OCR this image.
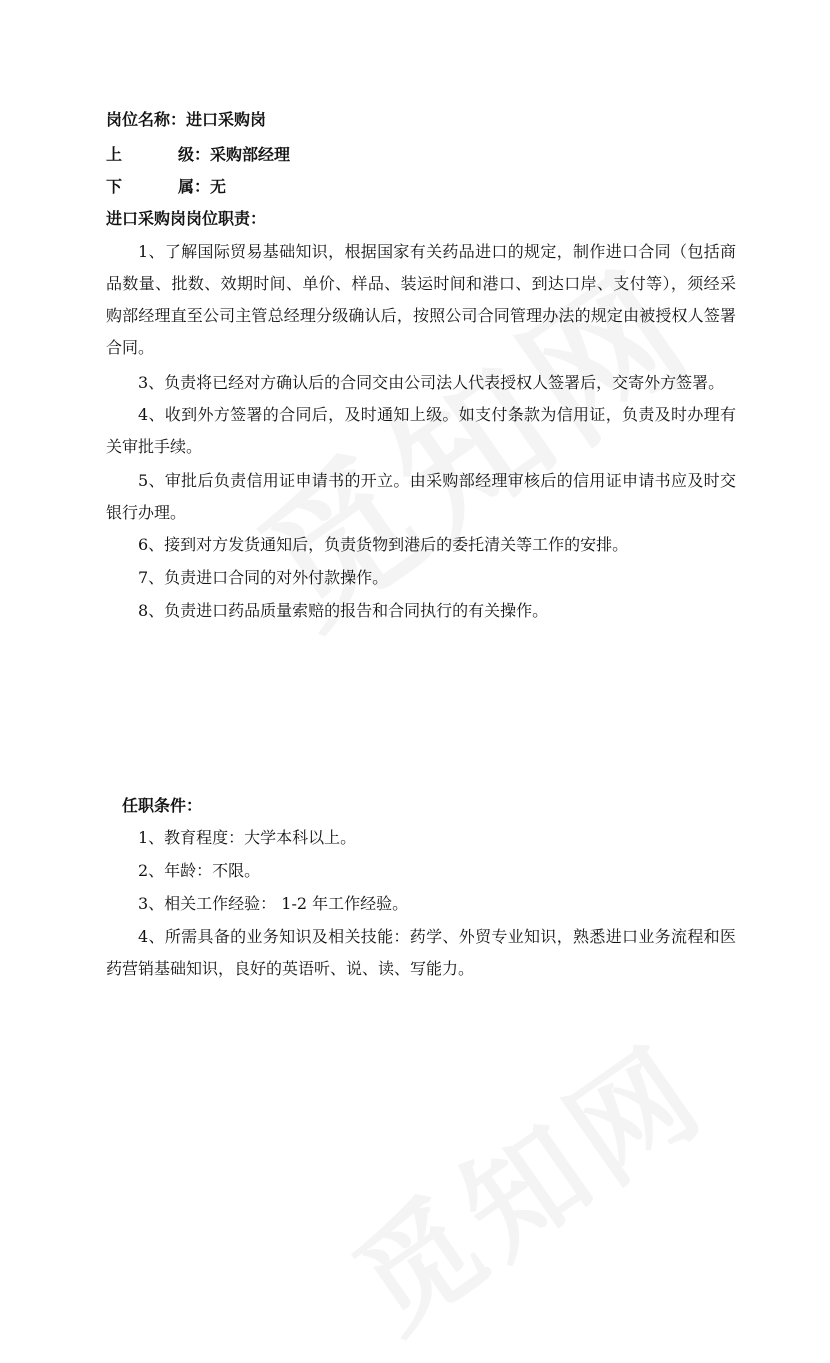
岗位名称：进口采购岗
上	级：采购部经理
下	属：无
进口采购岗岗位职责：
1、了解国际贸易基础知识，根据国家有关药品进口的规定，制作进口合同（包括商品数量、批数、效期时间、单价、样品、装运时间和港口、到达口岸、支付等），须经采购部经理直至公司主管总经理分级确认后，按照公司合同管理办法的规定由被授权人签署合同。
3、负责将已经对方确认后的合同交由公司法人代表授权人签署后，交寄外方签署。
4、收到外方签署的合同后，及时通知上级。如支付条款为信用证，负责及时办理有关审批手续。
5、审批后负责信用证申请书的开立。由采购部经理审核后的信用证申请书应及时交银行办理。
6、接到对方发货通知后，负责货物到港后的委托清关等工作的安排。
7、负责进口合同的对外付款操作。
8、负责进口药品质量索赔的报告和合同执行的有关操作。
任职条件：
1、教育程度：大学本科以上。
2、年龄：不限。
3、相关工作经验： 1-2 年工作经验。
4、所需具备的业务知识及相关技能：药学、外贸专业知识，熟悉进口业务流程和医药营销基础知识，良好的英语听、说、读、写能力。
